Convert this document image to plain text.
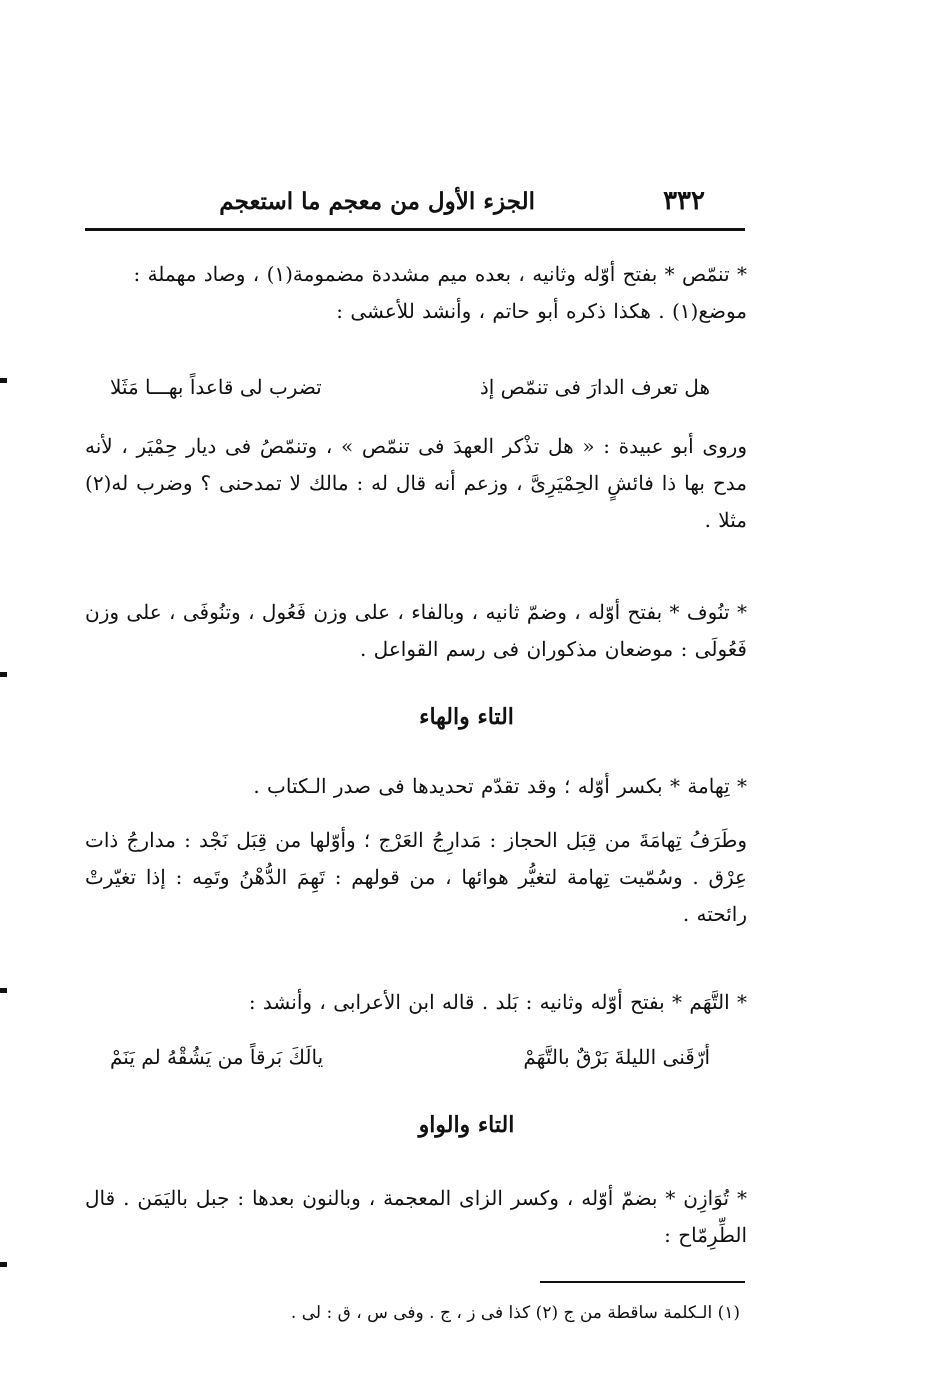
٣٣٢
الجزء الأول من معجم ما استعجم
* تنمّص * بفتح أوّله وثانيه ، بعده ميم مشددة مضمومة(١) ، وصاد مهملة :
موضع(١) . هكذا ذكره أبو حاتم ، وأنشد للأعشى :
هل تعرف الدارَ فى تنمّص إذ
تضرب لى قاعداً بهـــا مَثَلا
وروى أبو عبيدة : « هل تذْكر العهدَ فى تنمّص » ، وتنمّصُ فى ديار حِمْيَر ، لأنه مدح بها ذا فائشٍ الحِمْيَرِىَّ ، وزعم أنه قال له : مالك لا تمدحنى ؟ وضرب له(٢) مثلا .
* تنُوف * بفتح أوّله ، وضمّ ثانيه ، وبالفاء ، على وزن فَعُول ، وتنُوفَى ، على وزن فَعُولَى : موضعان مذكوران فى رسم القواعل .
التاء والهاء
* تِهامة * بكسر أوّله ؛ وقد تقدّم تحديدها فى صدر الـكتاب .
وطَرَفُ تِهامَةَ من قِبَل الحجاز : مَدارِجُ العَرْج ؛ وأوّلها من قِبَل نَجْد : مدارجُ ذات عِرْق . وسُمّيت تِهامة لتغيُّر هوائها ، من قولهم : تَهِمَ الدُّهْنُ وتَمِه : إذا تغيّرتْ رائحته .
* التَّهَم * بفتح أوّله وثانيه : بَلد . قاله ابن الأعرابى ، وأنشد :
أرّقَنى الليلةَ بَرْقٌ بالتَّهَمْ
يالَكَ بَرقاً من يَشُقْهُ لم يَنَمْ
التاء والواو
* تُوَازِن * بضمّ أوّله ، وكسر الزاى المعجمة ، وبالنون بعدها : جبل باليَمَن . قال الطِّرِمّاح :
(١) الـكلمة ساقطة من ج (٢) كذا فى ز ، ج . وفى س ، ق : لى .
